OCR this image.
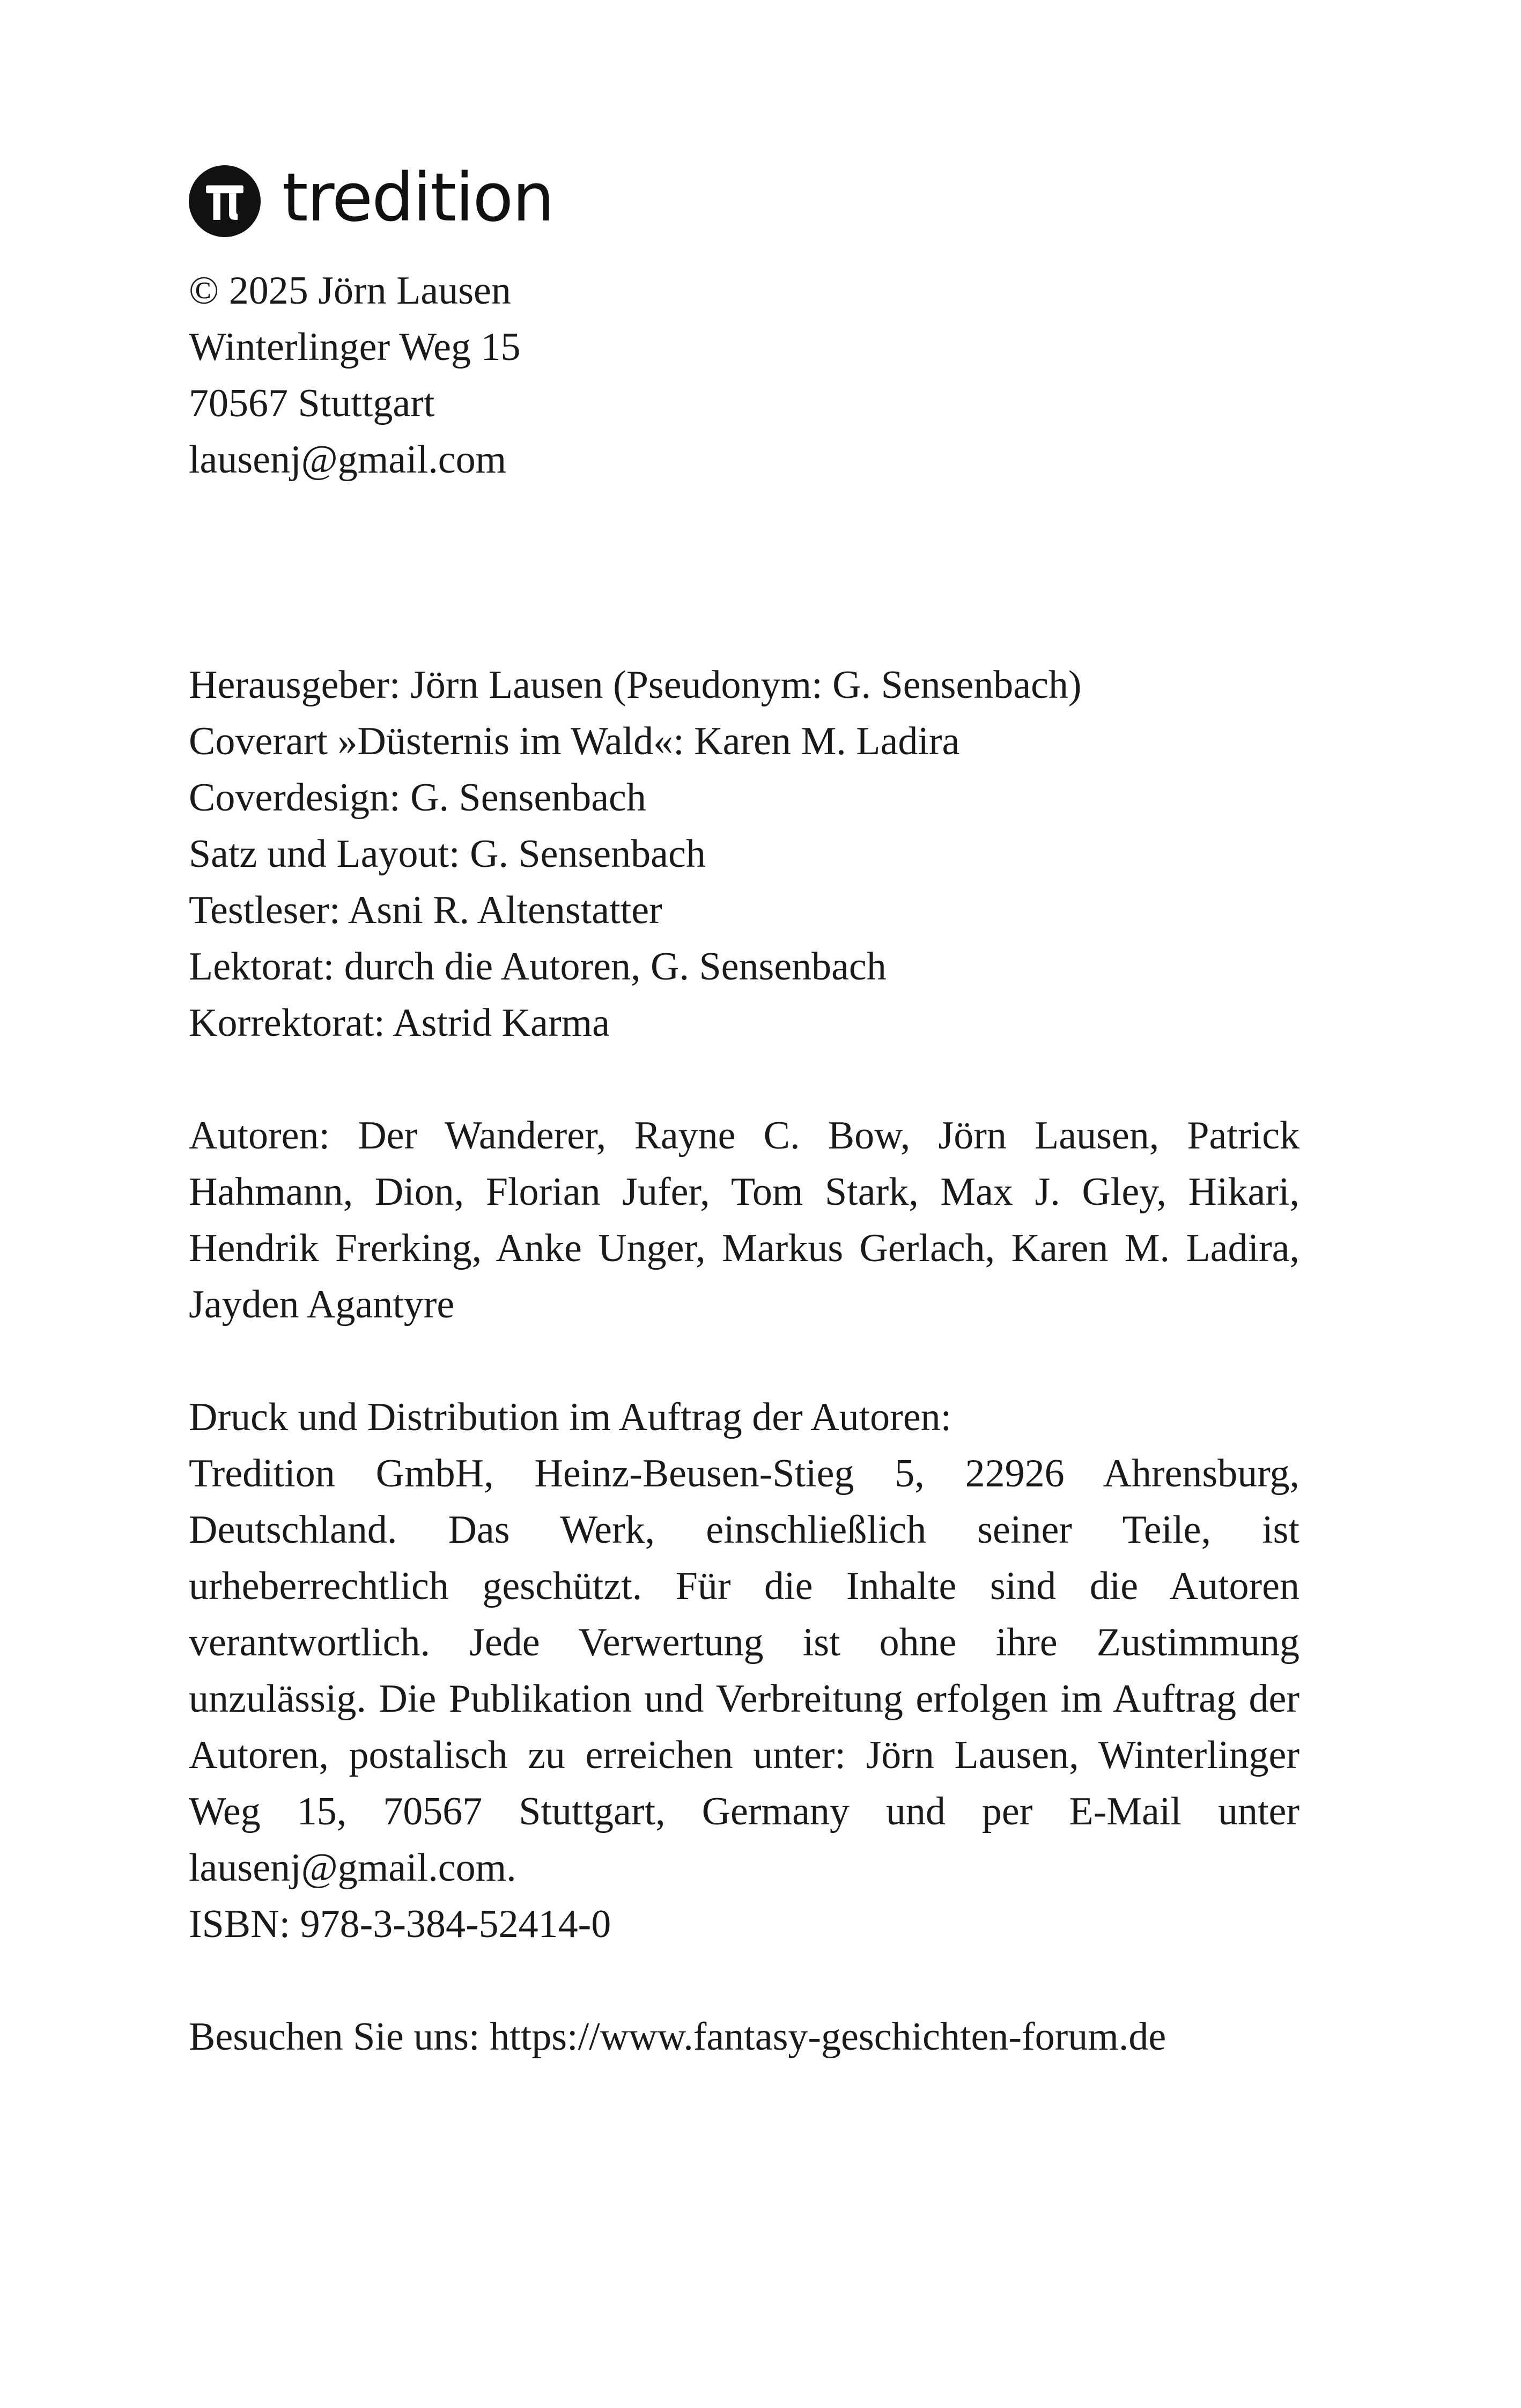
tredition
© 2025 Jörn Lausen
Winterlinger Weg 15
70567 Stuttgart
lausenj@gmail.com
Herausgeber: Jörn Lausen (Pseudonym: G. Sensenbach)
Coverart »Düsternis im Wald«: Karen M. Ladira
Coverdesign: G. Sensenbach
Satz und Layout: G. Sensenbach
Testleser: Asni R. Altenstatter
Lektorat: durch die Autoren, G. Sensenbach
Korrektorat: Astrid Karma

Autoren: Der Wanderer, Rayne C. Bow, Jörn Lausen, Patrick Hahmann, Dion, Florian Jufer, Tom Stark, Max J. Gley, Hikari, Hendrik Frerking, Anke Unger, Markus Gerlach, Karen M. Ladira, Jayden Agantyre

Druck und Distribution im Auftrag der Autoren:
Tredition GmbH, Heinz-Beusen-Stieg 5, 22926 Ahrensburg, Deutschland. Das Werk, einschließlich seiner Teile, ist urheberrechtlich geschützt. Für die Inhalte sind die Autoren verantwortlich. Jede Verwertung ist ohne ihre Zustimmung unzulässig. Die Publikation und Verbreitung erfolgen im Auftrag der Autoren, postalisch zu erreichen unter: Jörn Lausen, Winterlinger Weg 15, 70567 Stuttgart, Germany und per E-Mail unter lausenj@gmail.com.
ISBN: 978-3-384-52414-0
Besuchen Sie uns: https://www.fantasy-geschichten-forum.de
